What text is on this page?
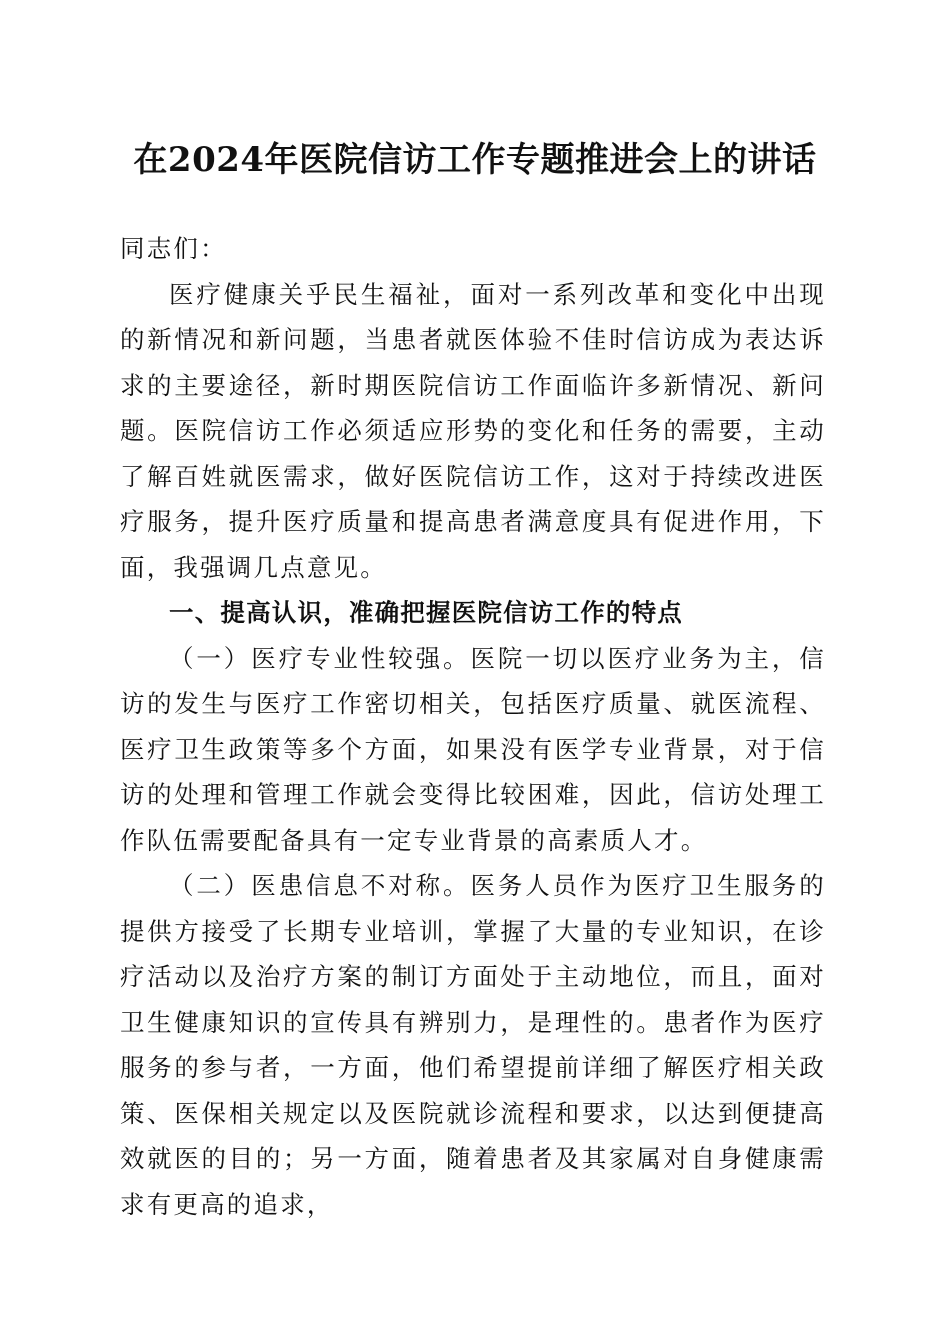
在2024年医院信访工作专题推进会上的讲话

同志们：

医疗健康关乎民生福祉，面对一系列改革和变化中出现的新情况和新问题，当患者就医体验不佳时信访成为表达诉求的主要途径，新时期医院信访工作面临许多新情况、新问题。医院信访工作必须适应形势的变化和任务的需要，主动了解百姓就医需求，做好医院信访工作，这对于持续改进医疗服务，提升医疗质量和提高患者满意度具有促进作用，下面，我强调几点意见。

一、提高认识，准确把握医院信访工作的特点

（一）医疗专业性较强。医院一切以医疗业务为主，信访的发生与医疗工作密切相关，包括医疗质量、就医流程、医疗卫生政策等多个方面，如果没有医学专业背景，对于信访的处理和管理工作就会变得比较困难，因此，信访处理工作队伍需要配备具有一定专业背景的高素质人才。

（二）医患信息不对称。医务人员作为医疗卫生服务的提供方接受了长期专业培训，掌握了大量的专业知识，在诊疗活动以及治疗方案的制订方面处于主动地位，而且，面对卫生健康知识的宣传具有辨别力，是理性的。患者作为医疗服务的参与者，一方面，他们希望提前详细了解医疗相关政策、医保相关规定以及医院就诊流程和要求，以达到便捷高效就医的目的；另一方面，随着患者及其家属对自身健康需求有更高的追求，
